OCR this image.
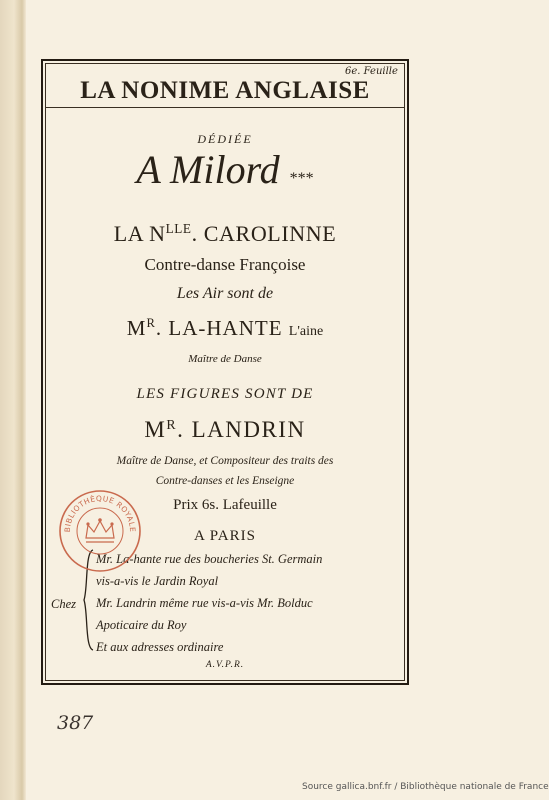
6e. Feuille
LA NONIME ANGLAISE
DÉDIÉE
A Milord ***
LA $N^{LLE}$. CAROLINNE
Contre-danse Françoise
Les Air sont de
$M^R$. LA-HANTE L'aine
Maître de Danse
LES FIGURES SONT DE
$M^R$. LANDRIN
Maître de Danse, et Compositeur des traits des
Contre-danses et les Enseigne
Prix 6s. Lafeuille
A PARIS
Chez
Mr. La-hante rue des boucheries St. Germain
vis-a-vis le Jardin Royal
Mr. Landrin même rue vis-a-vis Mr. Bolduc
Apoticaire du Roy
Et aux adresses ordinaire
A.V.P.R.
BIBLIOTHÈQUE ROYALE
387
Source gallica.bnf.fr / Bibliothèque nationale de France
